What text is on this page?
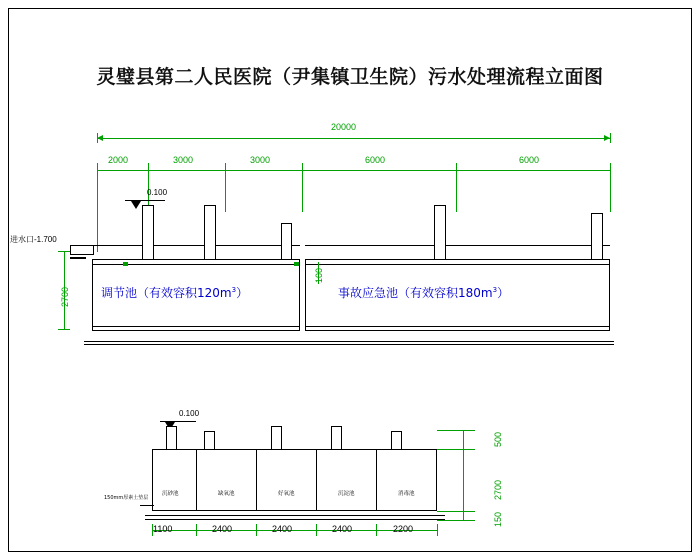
灵璧县第二人民医院（尹集镇卫生院）污水处理流程立面图
20000
2000	3000	3000	6000	6000
0.100
进水口-1.700
调节池（有效容积$120m^3$）	事故应急池（有效容积$180m^3$）
2700
100
0.100
沉砂池	缺氧池	好氧池	沉淀池	消毒池
150mm厚素土垫层
500
2700
150
1100	2400	2400	2400	2200
